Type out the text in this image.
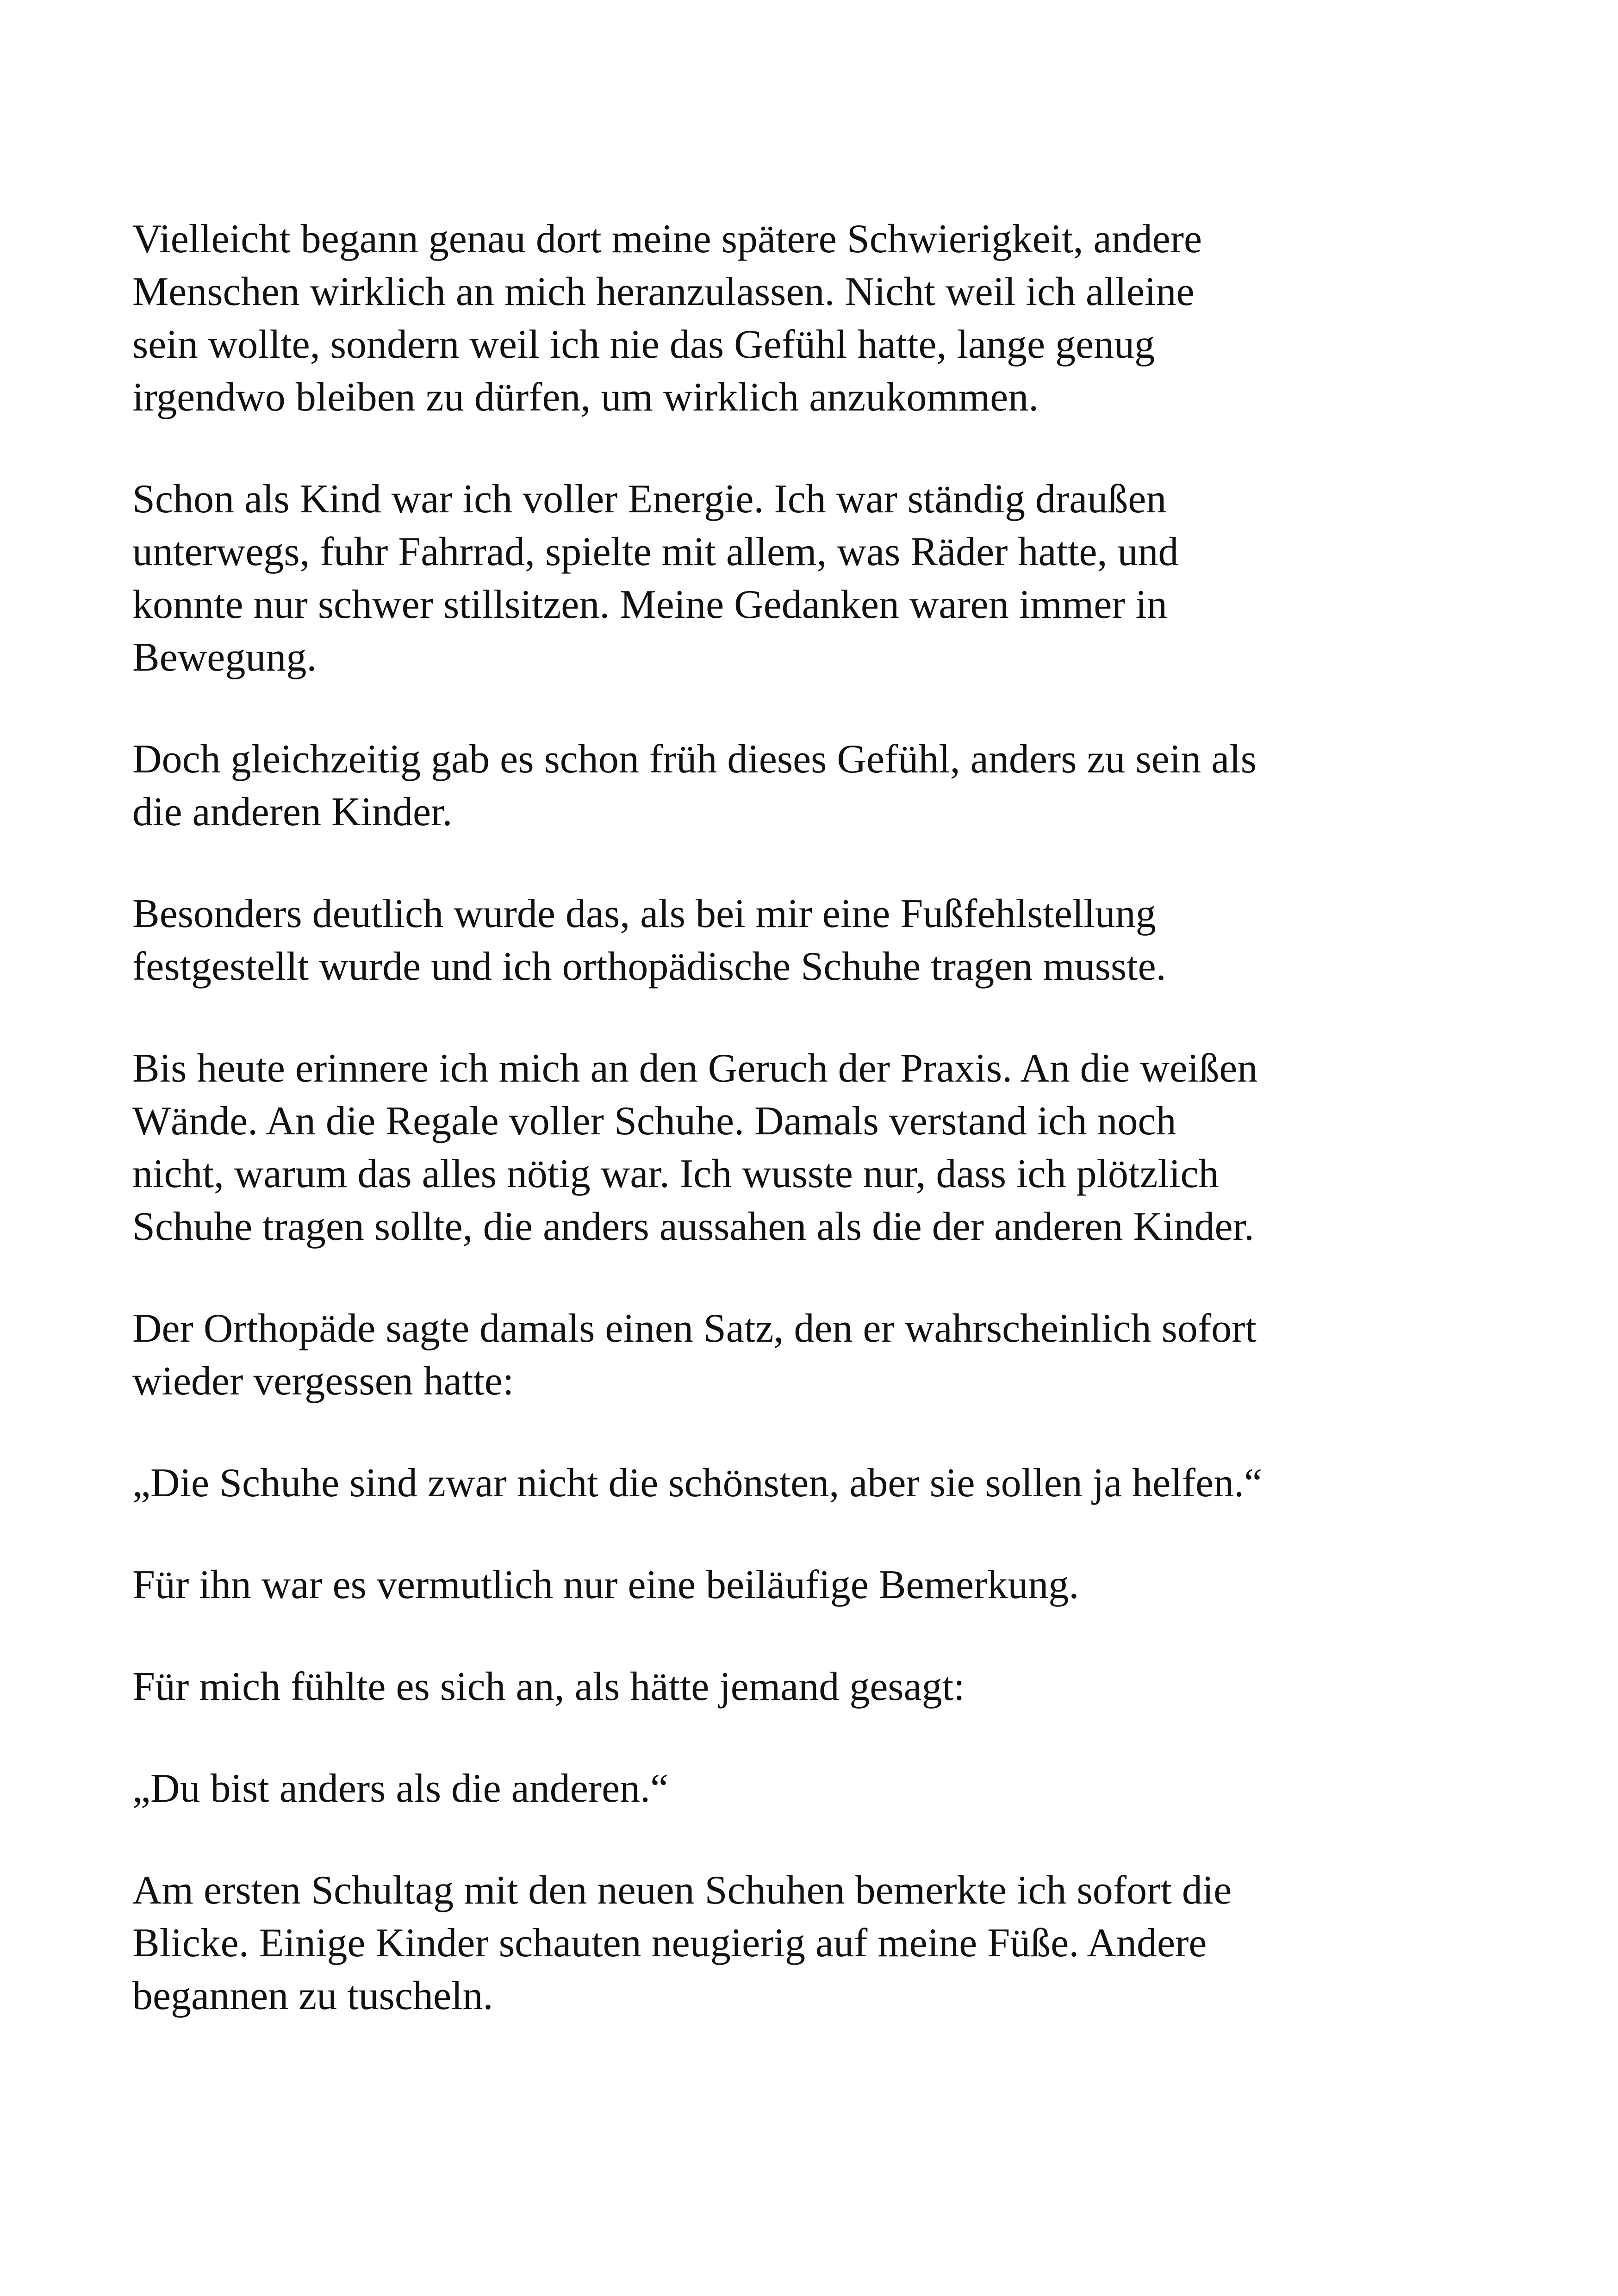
Vielleicht begann genau dort meine spätere Schwierigkeit, andere
Menschen wirklich an mich heranzulassen. Nicht weil ich alleine
sein wollte, sondern weil ich nie das Gefühl hatte, lange genug
irgendwo bleiben zu dürfen, um wirklich anzukommen.

Schon als Kind war ich voller Energie. Ich war ständig draußen
unterwegs, fuhr Fahrrad, spielte mit allem, was Räder hatte, und
konnte nur schwer stillsitzen. Meine Gedanken waren immer in
Bewegung.

Doch gleichzeitig gab es schon früh dieses Gefühl, anders zu sein als
die anderen Kinder.

Besonders deutlich wurde das, als bei mir eine Fußfehlstellung
festgestellt wurde und ich orthopädische Schuhe tragen musste.

Bis heute erinnere ich mich an den Geruch der Praxis. An die weißen
Wände. An die Regale voller Schuhe. Damals verstand ich noch
nicht, warum das alles nötig war. Ich wusste nur, dass ich plötzlich
Schuhe tragen sollte, die anders aussahen als die der anderen Kinder.

Der Orthopäde sagte damals einen Satz, den er wahrscheinlich sofort
wieder vergessen hatte:

„Die Schuhe sind zwar nicht die schönsten, aber sie sollen ja helfen.“

Für ihn war es vermutlich nur eine beiläufige Bemerkung.

Für mich fühlte es sich an, als hätte jemand gesagt:

„Du bist anders als die anderen.“

Am ersten Schultag mit den neuen Schuhen bemerkte ich sofort die
Blicke. Einige Kinder schauten neugierig auf meine Füße. Andere
begannen zu tuscheln.
